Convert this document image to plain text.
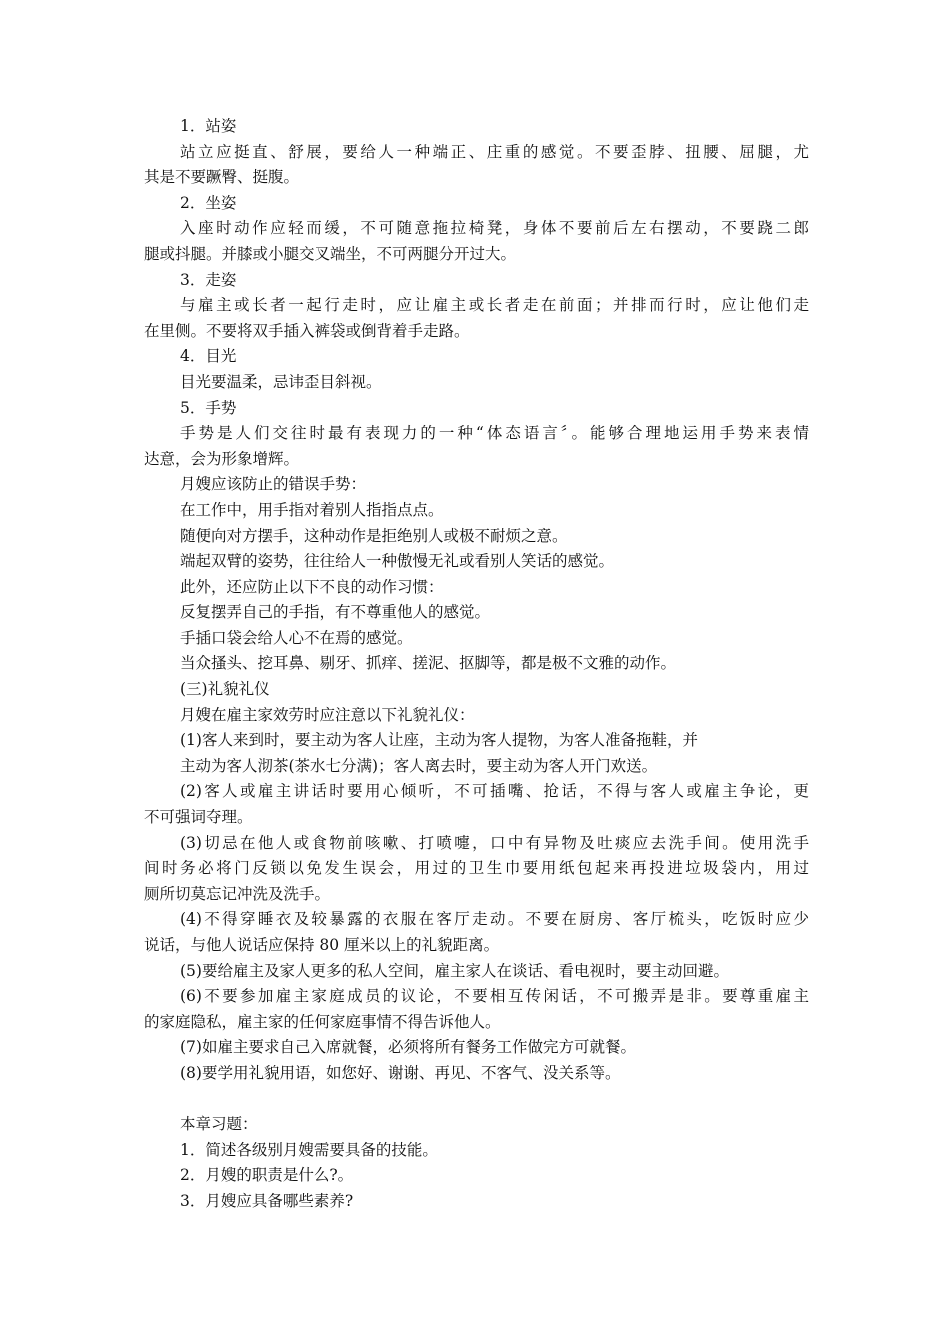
1．站姿
站立应挺直、舒展，要给人一种端正、庄重的感觉。不要歪脖、扭腰、屈腿，尤
其是不要蹶臀、挺腹。
2．坐姿
入座时动作应轻而缓，不可随意拖拉椅凳，身体不要前后左右摆动，不要跷二郎
腿或抖腿。并膝或小腿交叉端坐，不可两腿分开过大。
3．走姿
与雇主或长者一起行走时，应让雇主或长者走在前面；并排而行时，应让他们走
在里侧。不要将双手插入裤袋或倒背着手走路。
4．目光
目光要温柔，忌讳歪目斜视。
5．手势
手势是人们交往时最有表现力的一种“体态语言〞。能够合理地运用手势来表情
达意，会为形象增辉。
月嫂应该防止的错误手势：
在工作中，用手指对着别人指指点点。
随便向对方摆手，这种动作是拒绝别人或极不耐烦之意。
端起双臂的姿势，往往给人一种傲慢无礼或看别人笑话的感觉。
此外，还应防止以下不良的动作习惯：
反复摆弄自己的手指，有不尊重他人的感觉。
手插口袋会给人心不在焉的感觉。
当众搔头、挖耳鼻、剔牙、抓痒、搓泥、抠脚等，都是极不文雅的动作。
(三)礼貌礼仪
月嫂在雇主家效劳时应注意以下礼貌礼仪：
(1)客人来到时，要主动为客人让座，主动为客人提物，为客人准备拖鞋，并
主动为客人沏茶(茶水七分满)；客人离去时，要主动为客人开门欢送。
(2)客人或雇主讲话时要用心倾听，不可插嘴、抢话，不得与客人或雇主争论，更
不可强词夺理。
(3)切忌在他人或食物前咳嗽、打喷嚏，口中有异物及吐痰应去洗手间。使用洗手
间时务必将门反锁以免发生误会，用过的卫生巾要用纸包起来再投进垃圾袋内，用过
厕所切莫忘记冲洗及洗手。
(4)不得穿睡衣及较暴露的衣服在客厅走动。不要在厨房、客厅梳头，吃饭时应少
说话，与他人说话应保持 80 厘米以上的礼貌距离。
(5)要给雇主及家人更多的私人空间，雇主家人在谈话、看电视时，要主动回避。
(6)不要参加雇主家庭成员的议论，不要相互传闲话，不可搬弄是非。要尊重雇主
的家庭隐私，雇主家的任何家庭事情不得告诉他人。
(7)如雇主要求自己入席就餐，必须将所有餐务工作做完方可就餐。
(8)要学用礼貌用语，如您好、谢谢、再见、不客气、没关系等。
本章习题：
1．简述各级别月嫂需要具备的技能。
2．月嫂的职责是什么?。
3．月嫂应具备哪些素养?
